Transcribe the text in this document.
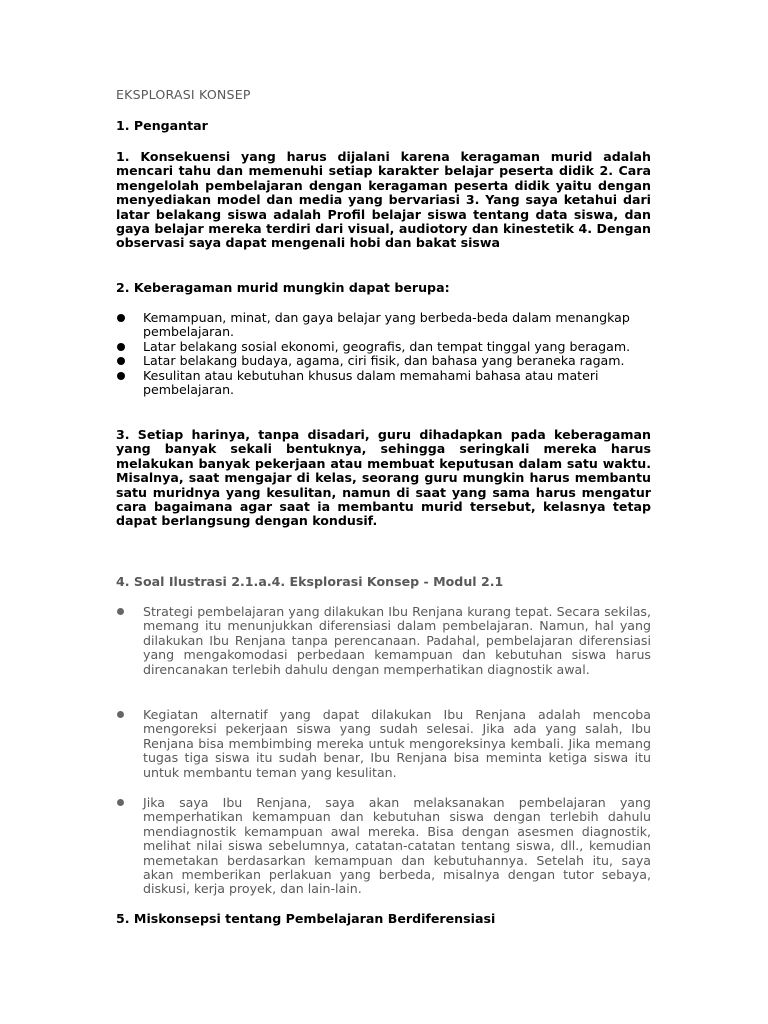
EKSPLORASI KONSEP

1. Pengantar

1. Konsekuensi yang harus dijalani karena keragaman murid adalah mencari tahu dan memenuhi setiap karakter belajar peserta didik 2. Cara mengelolah pembelajaran dengan keragaman peserta didik yaitu dengan menyediakan model dan media yang bervariasi 3. Yang saya ketahui dari latar belakang siswa adalah Profil belajar siswa tentang data siswa, dan gaya belajar mereka terdiri dari visual, audiotory dan kinestetik 4. Dengan observasi saya dapat mengenali hobi dan bakat siswa

2. Keberagaman murid mungkin dapat berupa:

Kemampuan, minat, dan gaya belajar yang berbeda-beda dalam menangkap pembelajaran.
Latar belakang sosial ekonomi, geografis, dan tempat tinggal yang beragam.
Latar belakang budaya, agama, ciri fisik, dan bahasa yang beraneka ragam.
Kesulitan atau kebutuhan khusus dalam memahami bahasa atau materi pembelajaran.

3. Setiap harinya, tanpa disadari, guru dihadapkan pada keberagaman yang banyak sekali bentuknya, sehingga seringkali mereka harus melakukan banyak pekerjaan atau membuat keputusan dalam satu waktu. Misalnya, saat mengajar di kelas, seorang guru mungkin harus membantu satu muridnya yang kesulitan, namun di saat yang sama harus mengatur cara bagaimana agar saat ia membantu murid tersebut, kelasnya tetap dapat berlangsung dengan kondusif.

4. Soal Ilustrasi 2.1.a.4. Eksplorasi Konsep - Modul 2.1

Strategi pembelajaran yang dilakukan Ibu Renjana kurang tepat. Secara sekilas, memang itu menunjukkan diferensiasi dalam pembelajaran. Namun, hal yang dilakukan Ibu Renjana tanpa perencanaan. Padahal, pembelajaran diferensiasi yang mengakomodasi perbedaan kemampuan dan kebutuhan siswa harus direncanakan terlebih dahulu dengan memperhatikan diagnostik awal.

Kegiatan alternatif yang dapat dilakukan Ibu Renjana adalah mencoba mengoreksi pekerjaan siswa yang sudah selesai. Jika ada yang salah, Ibu Renjana bisa membimbing mereka untuk mengoreksinya kembali. Jika memang tugas tiga siswa itu sudah benar, Ibu Renjana bisa meminta ketiga siswa itu untuk membantu teman yang kesulitan.

Jika saya Ibu Renjana, saya akan melaksanakan pembelajaran yang memperhatikan kemampuan dan kebutuhan siswa dengan terlebih dahulu mendiagnostik kemampuan awal mereka. Bisa dengan asesmen diagnostik, melihat nilai siswa sebelumnya, catatan-catatan tentang siswa, dll., kemudian memetakan berdasarkan kemampuan dan kebutuhannya. Setelah itu, saya akan memberikan perlakuan yang berbeda, misalnya dengan tutor sebaya, diskusi, kerja proyek, dan lain-lain.

5. Miskonsepsi tentang Pembelajaran Berdiferensiasi
